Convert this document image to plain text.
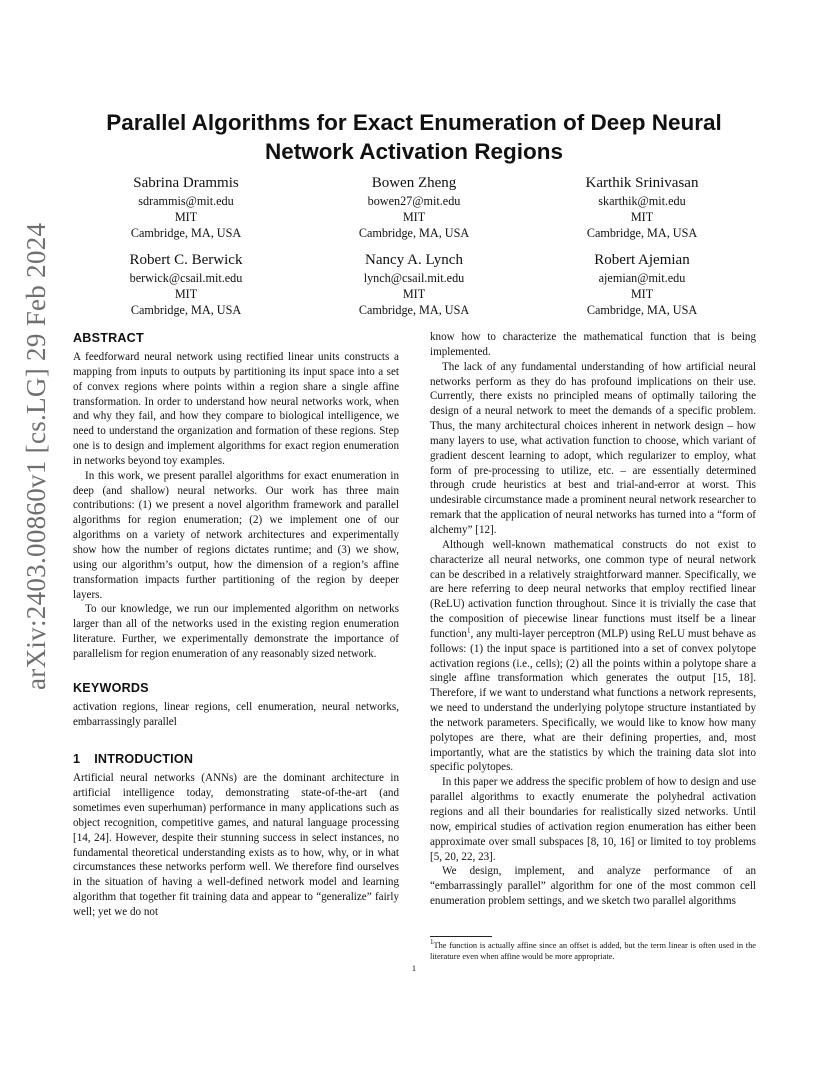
arXiv:2403.00860v1 [cs.LG] 29 Feb 2024
Parallel Algorithms for Exact Enumeration of Deep Neural Network Activation Regions
Sabrina Drammis
sdrammis@mit.edu
MIT
Cambridge, MA, USA
Bowen Zheng
bowen27@mit.edu
MIT
Cambridge, MA, USA
Karthik Srinivasan
skarthik@mit.edu
MIT
Cambridge, MA, USA
Robert C. Berwick
berwick@csail.mit.edu
MIT
Cambridge, MA, USA
Nancy A. Lynch
lynch@csail.mit.edu
MIT
Cambridge, MA, USA
Robert Ajemian
ajemian@mit.edu
MIT
Cambridge, MA, USA
ABSTRACT

A feedforward neural network using rectified linear units constructs a mapping from inputs to outputs by partitioning its input space into a set of convex regions where points within a region share a single affine transformation. In order to understand how neural networks work, when and why they fail, and how they compare to biological intelligence, we need to understand the organization and formation of these regions. Step one is to design and implement algorithms for exact region enumeration in networks beyond toy examples.

In this work, we present parallel algorithms for exact enumeration in deep (and shallow) neural networks. Our work has three main contributions: (1) we present a novel algorithm framework and parallel algorithms for region enumeration; (2) we implement one of our algorithms on a variety of network architectures and experimentally show how the number of regions dictates runtime; and (3) we show, using our algorithm’s output, how the dimension of a region’s affine transformation impacts further partitioning of the region by deeper layers.

To our knowledge, we run our implemented algorithm on networks larger than all of the networks used in the existing region enumeration literature. Further, we experimentally demonstrate the importance of parallelism for region enumeration of any reasonably sized network.

KEYWORDS

activation regions, linear regions, cell enumeration, neural networks, embarrassingly parallel

1 INTRODUCTION

Artificial neural networks (ANNs) are the dominant architecture in artificial intelligence today, demonstrating state-of-the-art (and sometimes even superhuman) performance in many applications such as object recognition, competitive games, and natural language processing [14, 24]. However, despite their stunning success in select instances, no fundamental theoretical understanding exists as to how, why, or in what circumstances these networks perform well. We therefore find ourselves in the situation of having a well-defined network model and learning algorithm that together fit training data and appear to “generalize” fairly well; yet we do not

know how to characterize the mathematical function that is being implemented.

The lack of any fundamental understanding of how artificial neural networks perform as they do has profound implications on their use. Currently, there exists no principled means of optimally tailoring the design of a neural network to meet the demands of a specific problem. Thus, the many architectural choices inherent in network design – how many layers to use, what activation function to choose, which variant of gradient descent learning to adopt, which regularizer to employ, what form of pre-processing to utilize, etc. – are essentially determined through crude heuristics at best and trial-and-error at worst. This undesirable circumstance made a prominent neural network researcher to remark that the application of neural networks has turned into a “form of alchemy” [12].

Although well-known mathematical constructs do not exist to characterize all neural networks, one common type of neural network can be described in a relatively straightforward manner. Specifically, we are here referring to deep neural networks that employ rectified linear (ReLU) activation function throughout. Since it is trivially the case that the composition of piecewise linear functions must itself be a linear function$^1$, any multi-layer perceptron (MLP) using ReLU must behave as follows: (1) the input space is partitioned into a set of convex polytope activation regions (i.e., cells); (2) all the points within a polytope share a single affine transformation which generates the output [15, 18]. Therefore, if we want to understand what functions a network represents, we need to understand the underlying polytope structure instantiated by the network parameters. Specifically, we would like to know how many polytopes are there, what are their defining properties, and, most importantly, what are the statistics by which the training data slot into specific polytopes.

In this paper we address the specific problem of how to design and use parallel algorithms to exactly enumerate the polyhedral activation regions and all their boundaries for realistically sized networks. Until now, empirical studies of activation region enumeration has either been approximate over small subspaces [8, 10, 16] or limited to toy problems [5, 20, 22, 23].

We design, implement, and analyze performance of an “embarrassingly parallel” algorithm for one of the most common cell enumeration problem settings, and we sketch two parallel algorithms

$^1$The function is actually affine since an offset is added, but the term linear is often used in the literature even when affine would be more appropriate.
1
